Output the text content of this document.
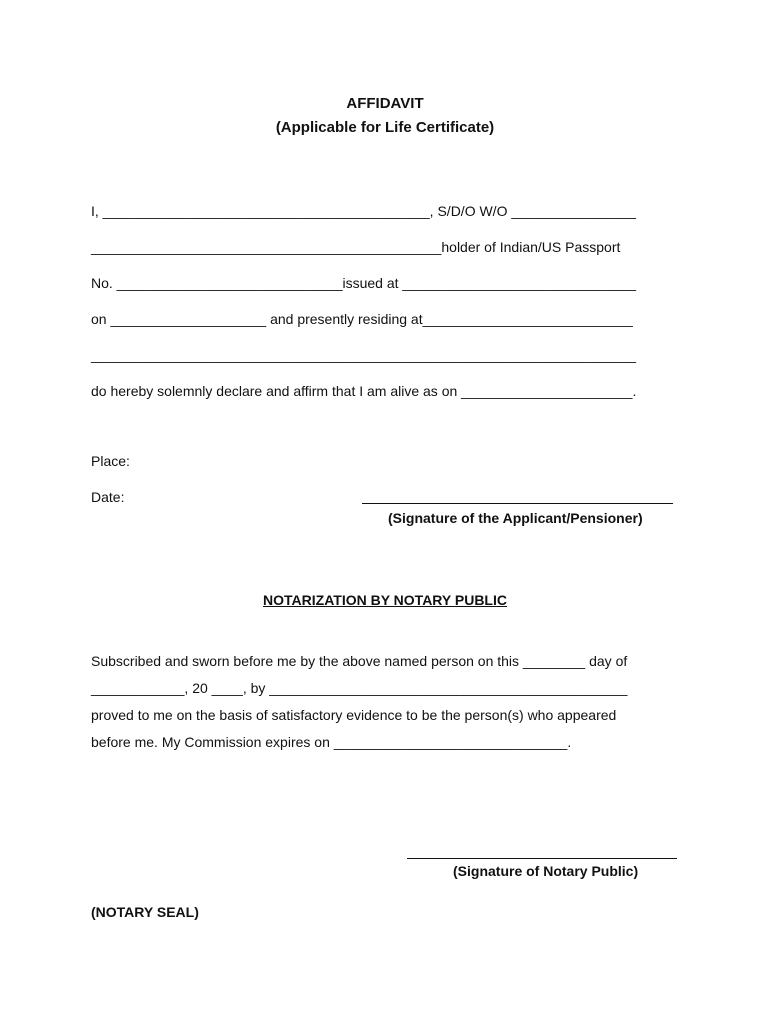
AFFIDAVIT
(Applicable for Life Certificate)
I, __________________________________________, S/D/O W/O ________________
_____________________________________________holder of Indian/US Passport
No. _____________________________issued at ______________________________
on ____________________ and presently residing at___________________________
______________________________________________________________________
do hereby solemnly declare and affirm that I am alive as on ______________________.
Place:
Date:
(Signature of the Applicant/Pensioner)
NOTARIZATION BY NOTARY PUBLIC
Subscribed and sworn before me by the above named person on this ________ day of
____________, 20 ____, by ______________________________________________
proved to me on the basis of satisfactory evidence to be the person(s) who appeared
before me. My Commission expires on ______________________________.
(Signature of Notary Public)
(NOTARY SEAL)
